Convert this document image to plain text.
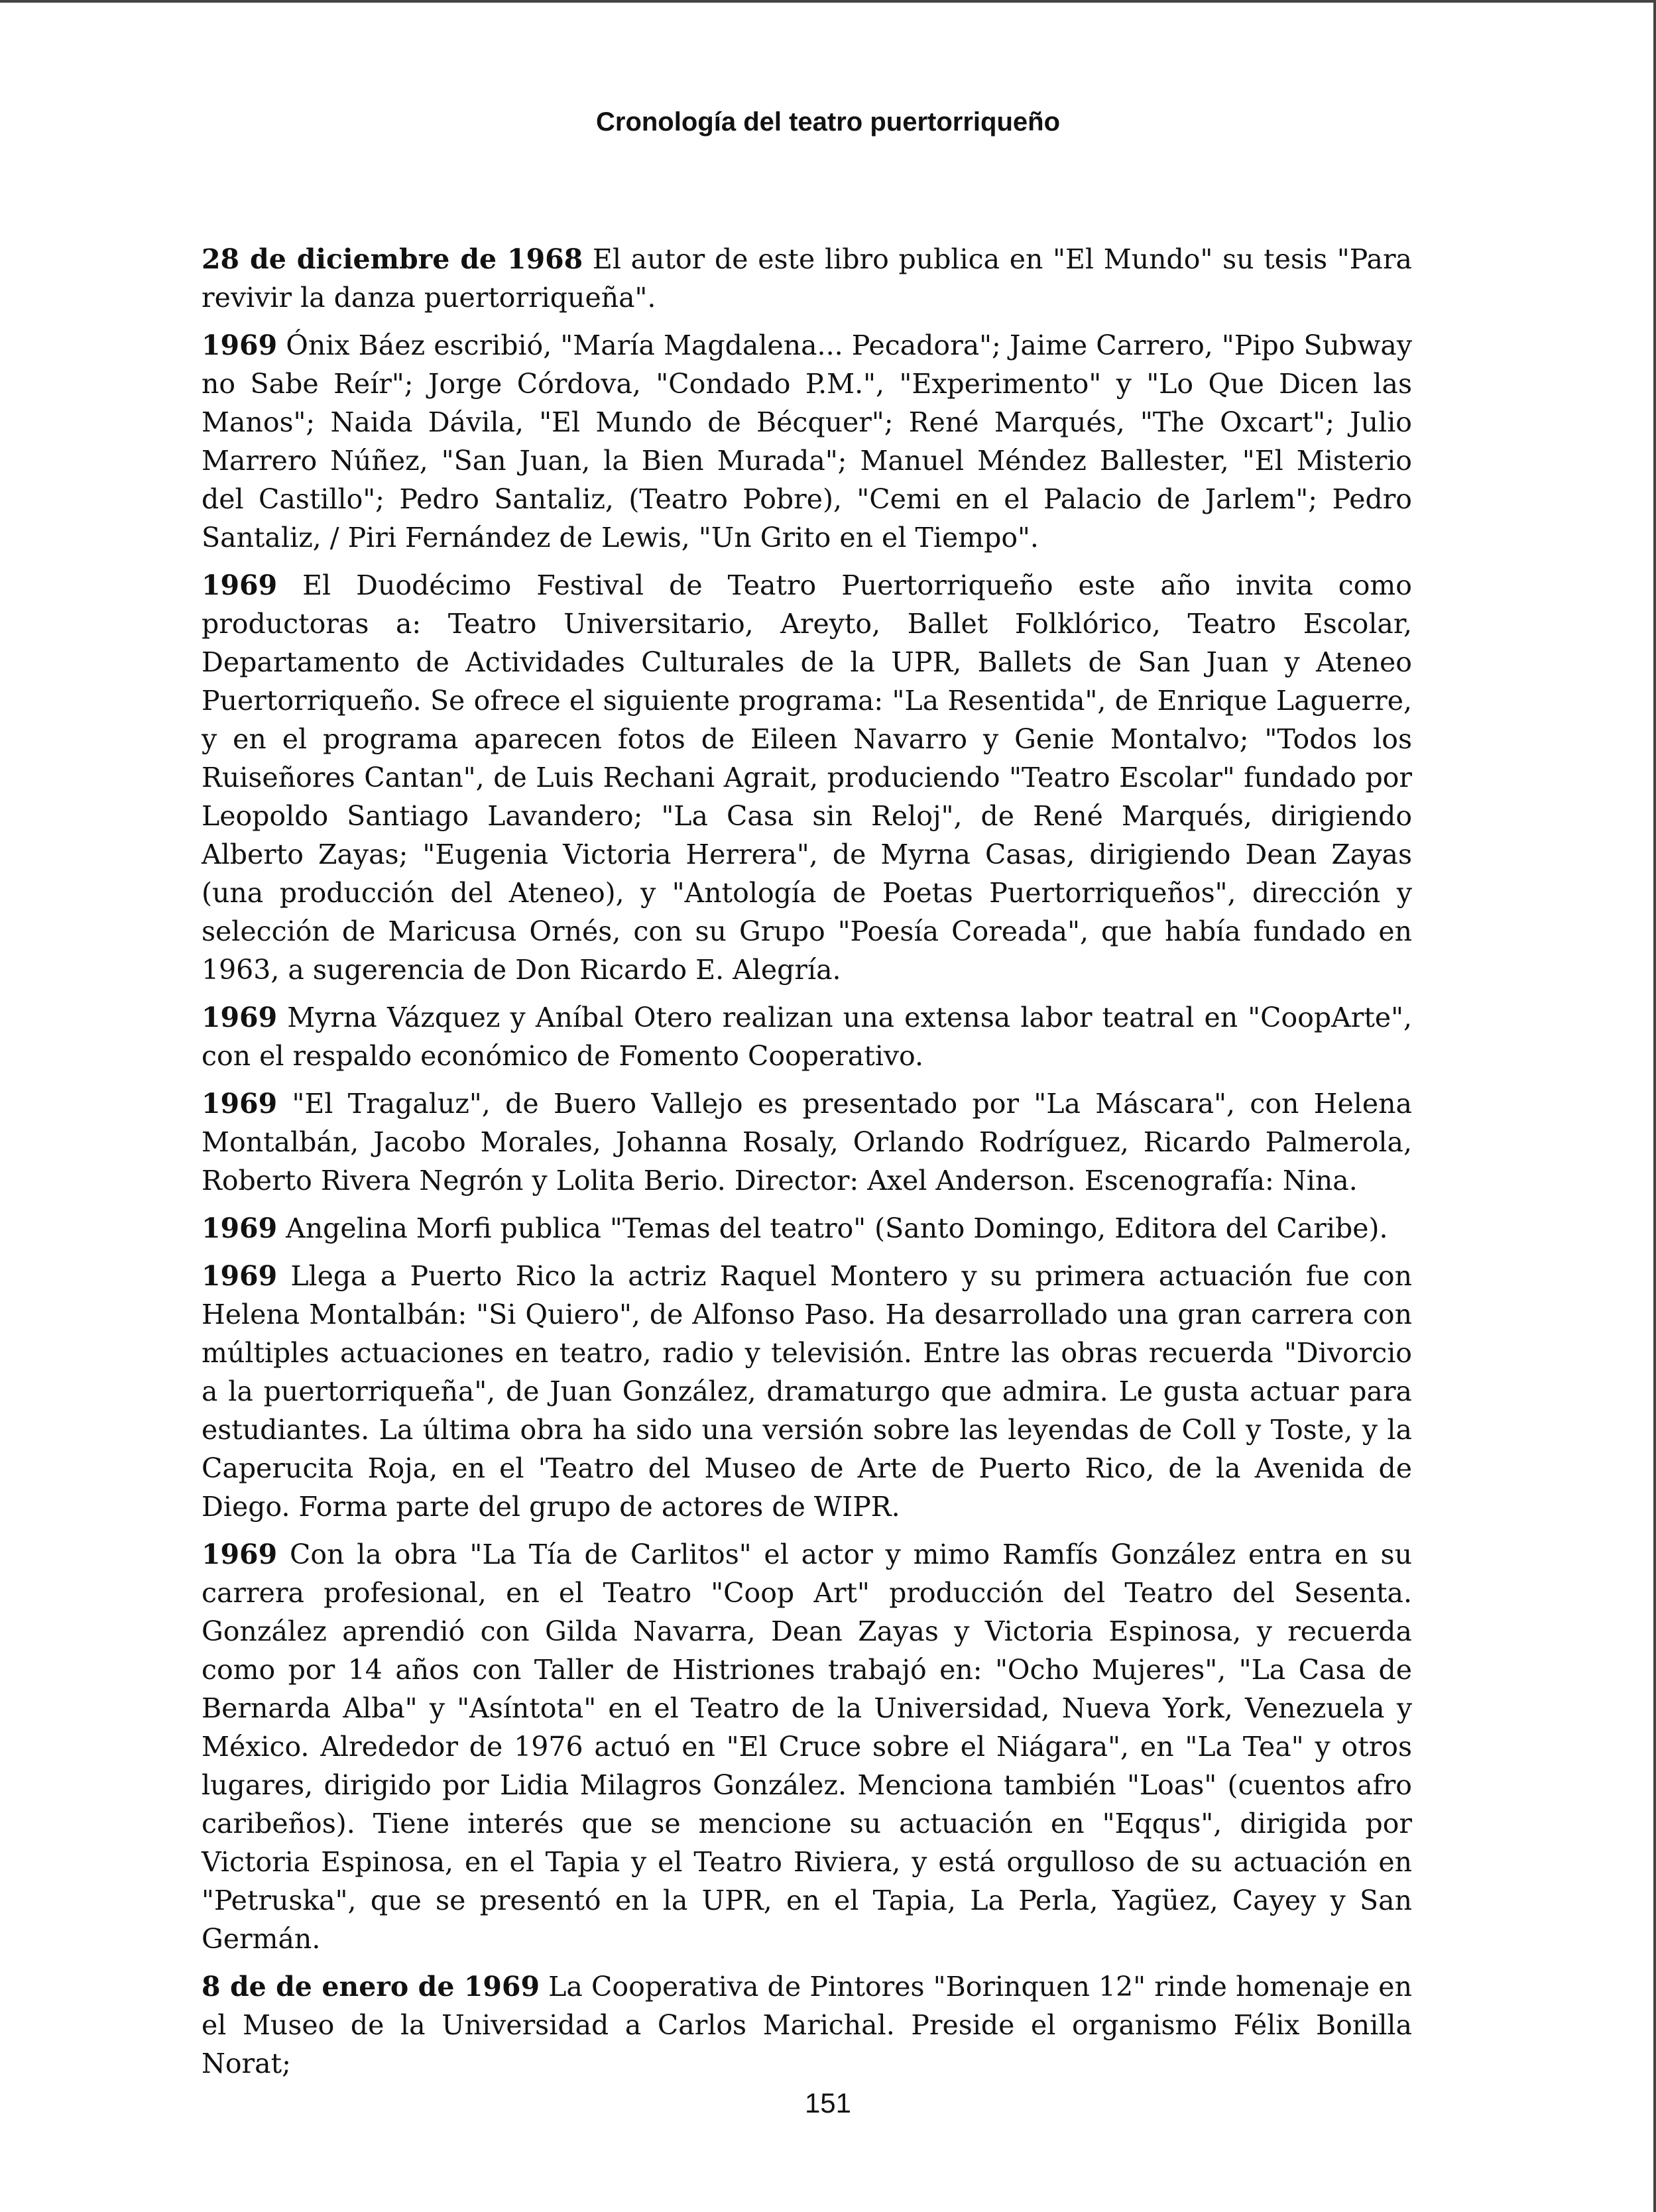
Cronología del teatro puertorriqueño

28 de diciembre de 1968 El autor de este libro publica en "El Mundo" su tesis "Para revivir la danza puertorriqueña".

1969 Ónix Báez escribió, "María Magdalena... Pecadora"; Jaime Carrero, "Pipo Subway no Sabe Reír"; Jorge Córdova, "Condado P.M.", "Experimento" y "Lo Que Dicen las Manos"; Naida Dávila, "El Mundo de Bécquer"; René Marqués, "The Oxcart"; Julio Marrero Núñez, "San Juan, la Bien Murada"; Manuel Méndez Ballester, "El Misterio del Castillo"; Pedro Santaliz, (Teatro Pobre), "Cemi en el Palacio de Jarlem"; Pedro Santaliz, / Piri Fernández de Lewis, "Un Grito en el Tiempo".

1969 El Duodécimo Festival de Teatro Puertorriqueño este año invita como productoras a: Teatro Universitario, Areyto, Ballet Folklórico, Teatro Escolar, Departamento de Actividades Culturales de la UPR, Ballets de San Juan y Ateneo Puertorriqueño. Se ofrece el siguiente programa: "La Resentida", de Enrique Laguerre, y en el programa aparecen fotos de Eileen Navarro y Genie Montalvo; "Todos los Ruiseñores Cantan", de Luis Rechani Agrait, produciendo "Teatro Escolar" fundado por Leopoldo Santiago Lavandero; "La Casa sin Reloj", de René Marqués, dirigiendo Alberto Zayas; "Eugenia Victoria Herrera", de Myrna Casas, dirigiendo Dean Zayas (una producción del Ateneo), y "Antología de Poetas Puertorriqueños", dirección y selección de Maricusa Ornés, con su Grupo "Poesía Coreada", que había fundado en 1963, a sugerencia de Don Ricardo E. Alegría.

1969 Myrna Vázquez y Aníbal Otero realizan una extensa labor teatral en "CoopArte", con el respaldo económico de Fomento Cooperativo.

1969 "El Tragaluz", de Buero Vallejo es presentado por "La Máscara", con Helena Montalbán, Jacobo Morales, Johanna Rosaly, Orlando Rodríguez, Ricardo Palmerola, Roberto Rivera Negrón y Lolita Berio. Director: Axel Anderson. Escenografía: Nina.

1969 Angelina Morfi publica "Temas del teatro" (Santo Domingo, Editora del Caribe).

1969 Llega a Puerto Rico la actriz Raquel Montero y su primera actuación fue con Helena Montalbán: "Si Quiero", de Alfonso Paso. Ha desarrollado una gran carrera con múltiples actuaciones en teatro, radio y televisión. Entre las obras recuerda "Divorcio a la puertorriqueña", de Juan González, dramaturgo que admira. Le gusta actuar para estudiantes. La última obra ha sido una versión sobre las leyendas de Coll y Toste, y la Caperucita Roja, en el 'Teatro del Museo de Arte de Puerto Rico, de la Avenida de Diego. Forma parte del grupo de actores de WIPR.

1969 Con la obra "La Tía de Carlitos" el actor y mimo Ramfís González entra en su carrera profesional, en el Teatro "Coop Art" producción del Teatro del Sesenta. González aprendió con Gilda Navarra, Dean Zayas y Victoria Espinosa, y recuerda como por 14 años con Taller de Histriones trabajó en: "Ocho Mujeres", "La Casa de Bernarda Alba" y "Asíntota" en el Teatro de la Universidad, Nueva York, Venezuela y México. Alrededor de 1976 actuó en "El Cruce sobre el Niágara", en "La Tea" y otros lugares, dirigido por Lidia Milagros González. Menciona también "Loas" (cuentos afro caribeños). Tiene interés que se mencione su actuación en "Eqqus", dirigida por Victoria Espinosa, en el Tapia y el Teatro Riviera, y está orgulloso de su actuación en "Petruska", que se presentó en la UPR, en el Tapia, La Perla, Yagüez, Cayey y San Germán.

8 de de enero de 1969 La Cooperativa de Pintores "Borinquen 12" rinde homenaje en el Museo de la Universidad a Carlos Marichal. Preside el organismo Félix Bonilla Norat;

151
